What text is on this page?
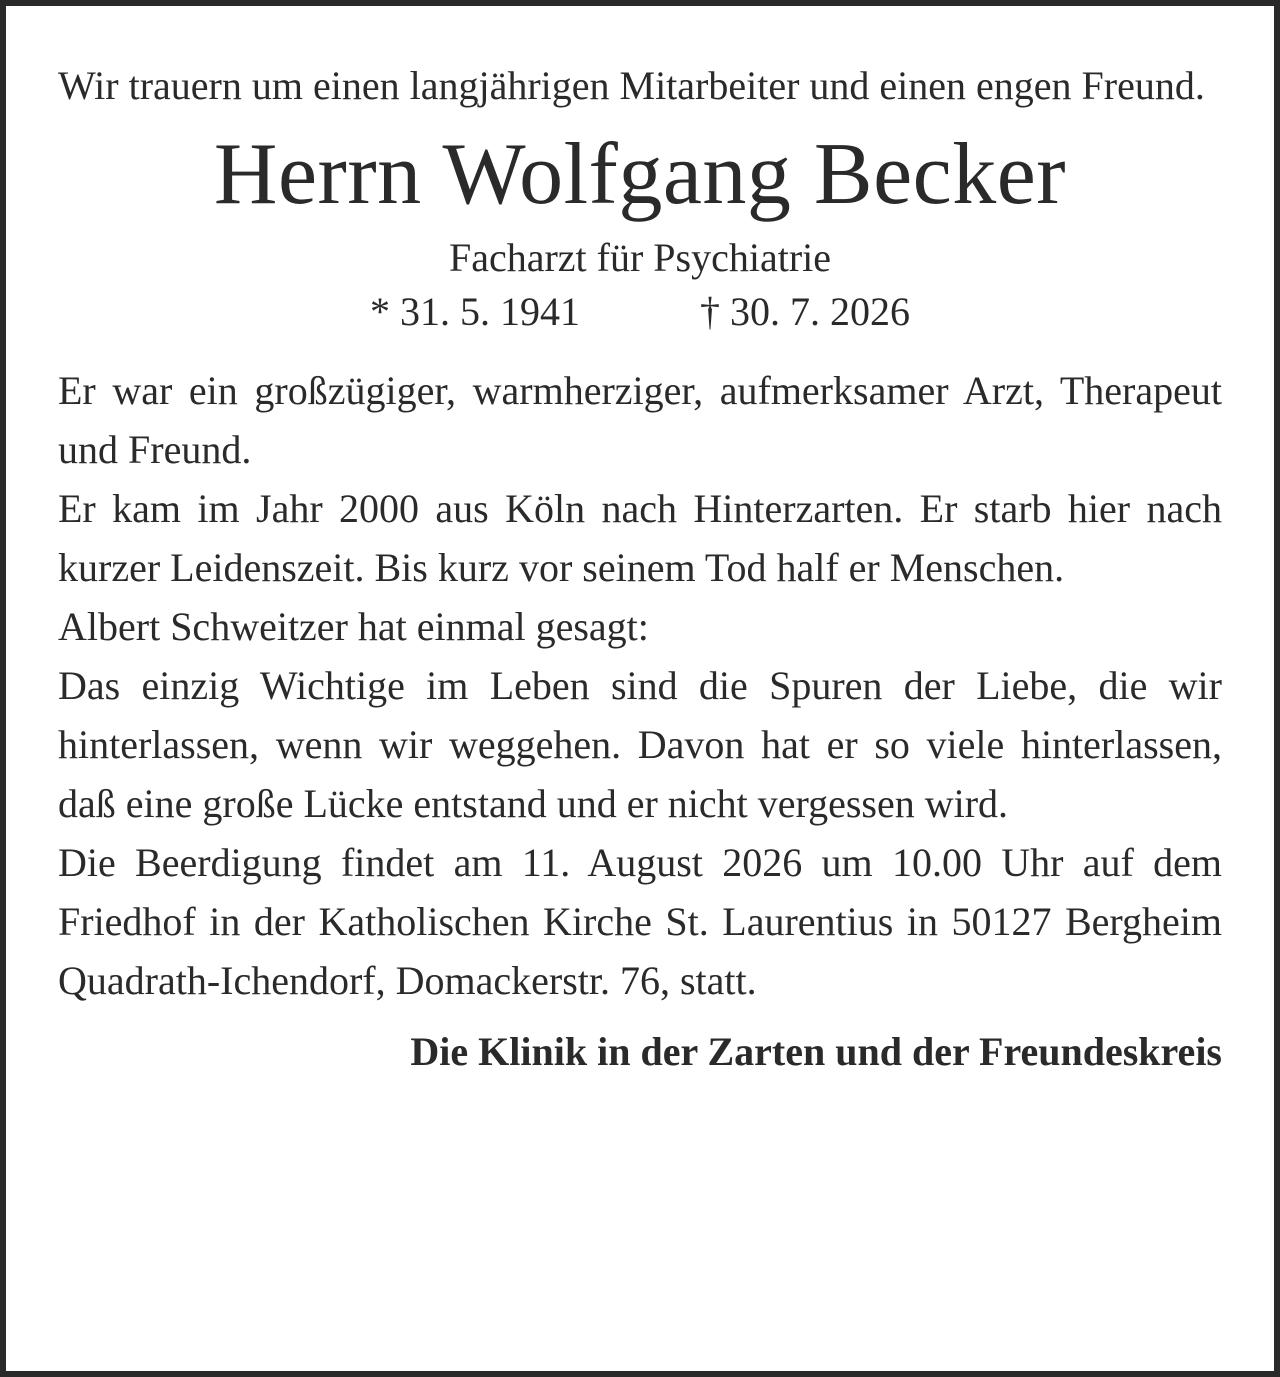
Wir trauern um einen langjährigen Mitarbeiter und einen engen Freund.

Herrn Wolfgang Becker
Facharzt für Psychiatrie
* 31. 5. 1941	† 30. 7. 2026

Er war ein großzügiger, warmherziger, aufmerksamer Arzt, Therapeut und Freund.

Er kam im Jahr 2000 aus Köln nach Hinterzarten. Er starb hier nach kurzer Leidenszeit. Bis kurz vor seinem Tod half er Menschen.

Albert Schweitzer hat einmal gesagt:

Das einzig Wichtige im Leben sind die Spuren der Liebe, die wir hinterlassen, wenn wir weggehen. Davon hat er so viele hinterlassen, daß eine große Lücke entstand und er nicht vergessen wird.

Die Beerdigung findet am 11. August 2026 um 10.00 Uhr auf dem Friedhof in der Katholischen Kirche St. Laurentius in 50127 Bergheim Quadrath-Ichendorf, Domackerstr. 76, statt.

Die Klinik in der Zarten und der Freundeskreis
